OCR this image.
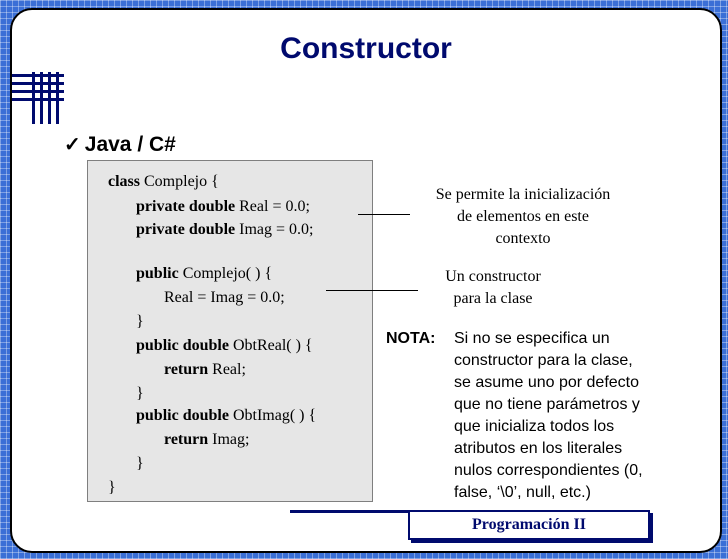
Constructor
✓ Java / C#
class Complejo {
private double Real = 0.0;
private double Imag = 0.0;
public Complejo( ) {
Real = Imag = 0.0;
}
public double ObtReal( ) {
return Real;
}
public double ObtImag( ) {
return Imag;
}
}
Se permite la inicialización
de elementos en este
contexto
Un constructor
para la clase
NOTA: Si no se especifica un
constructor para la clase,
se asume uno por defecto
que no tiene parámetros y
que inicializa todos los
atributos en los literales
nulos correspondientes (0,
false, ‘\0’, null, etc.)
Programación II
